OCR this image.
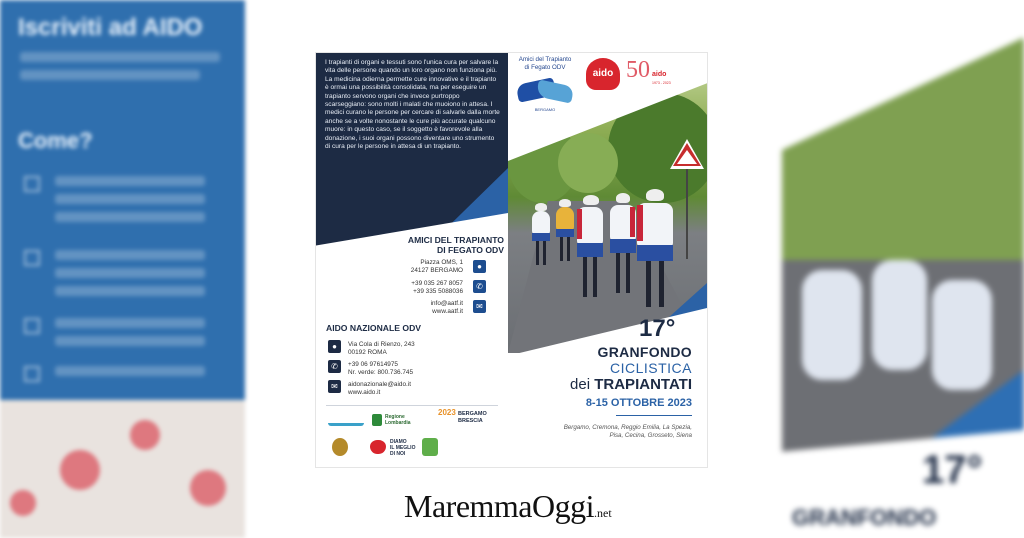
Iscriviti ad AIDO
Come?
17°
GRANFONDO
I trapianti di organi e tessuti sono l'unica cura per salvare la vita delle persone quando un loro organo non funziona più. La medicina odierna permette cure innovative e il trapianto è ormai una possibilità consolidata, ma per eseguire un trapianto servono organi che invece purtroppo scarseggiano: sono molti i malati che muoiono in attesa. I medici curano le persone per cercare di salvarle dalla morte anche se a volte nonostante le cure più accurate qualcuno muore: in questo caso, se il soggetto è favorevole alla donazione, i suoi organi possono diventare uno strumento di cura per le persone in attesa di un trapianto.
Amici del Trapianto
di Fegato ODV
BERGAMO
aido 50 aido
1973 - 2023
AMICI DEL TRAPIANTO
DI FEGATO ODV
Piazza OMS, 1
24127 BERGAMO	●
+39 035 267 8057
+39 335 5088036
✆
info@aatf.it
www.aatf.it
✉
AIDO NAZIONALE ODV
●	Via Cola di Rienzo, 243
00192 ROMA
✆	+39 06 97614975
Nr. verde: 800.736.745
✉	aidonazionale@aido.it
www.aido.it
Regione
Lombardia
2023 BERGAMO
BRESCIA
DIAMO
IL MEGLIO
DI NOI
17°
GRANFONDO
CICLISTICA
dei TRAPIANTATI
8-15 OTTOBRE 2023
Bergamo, Cremona, Reggio Emilia, La Spezia,
Pisa, Cecina, Grosseto, Siena
MaremmaOggi.net
